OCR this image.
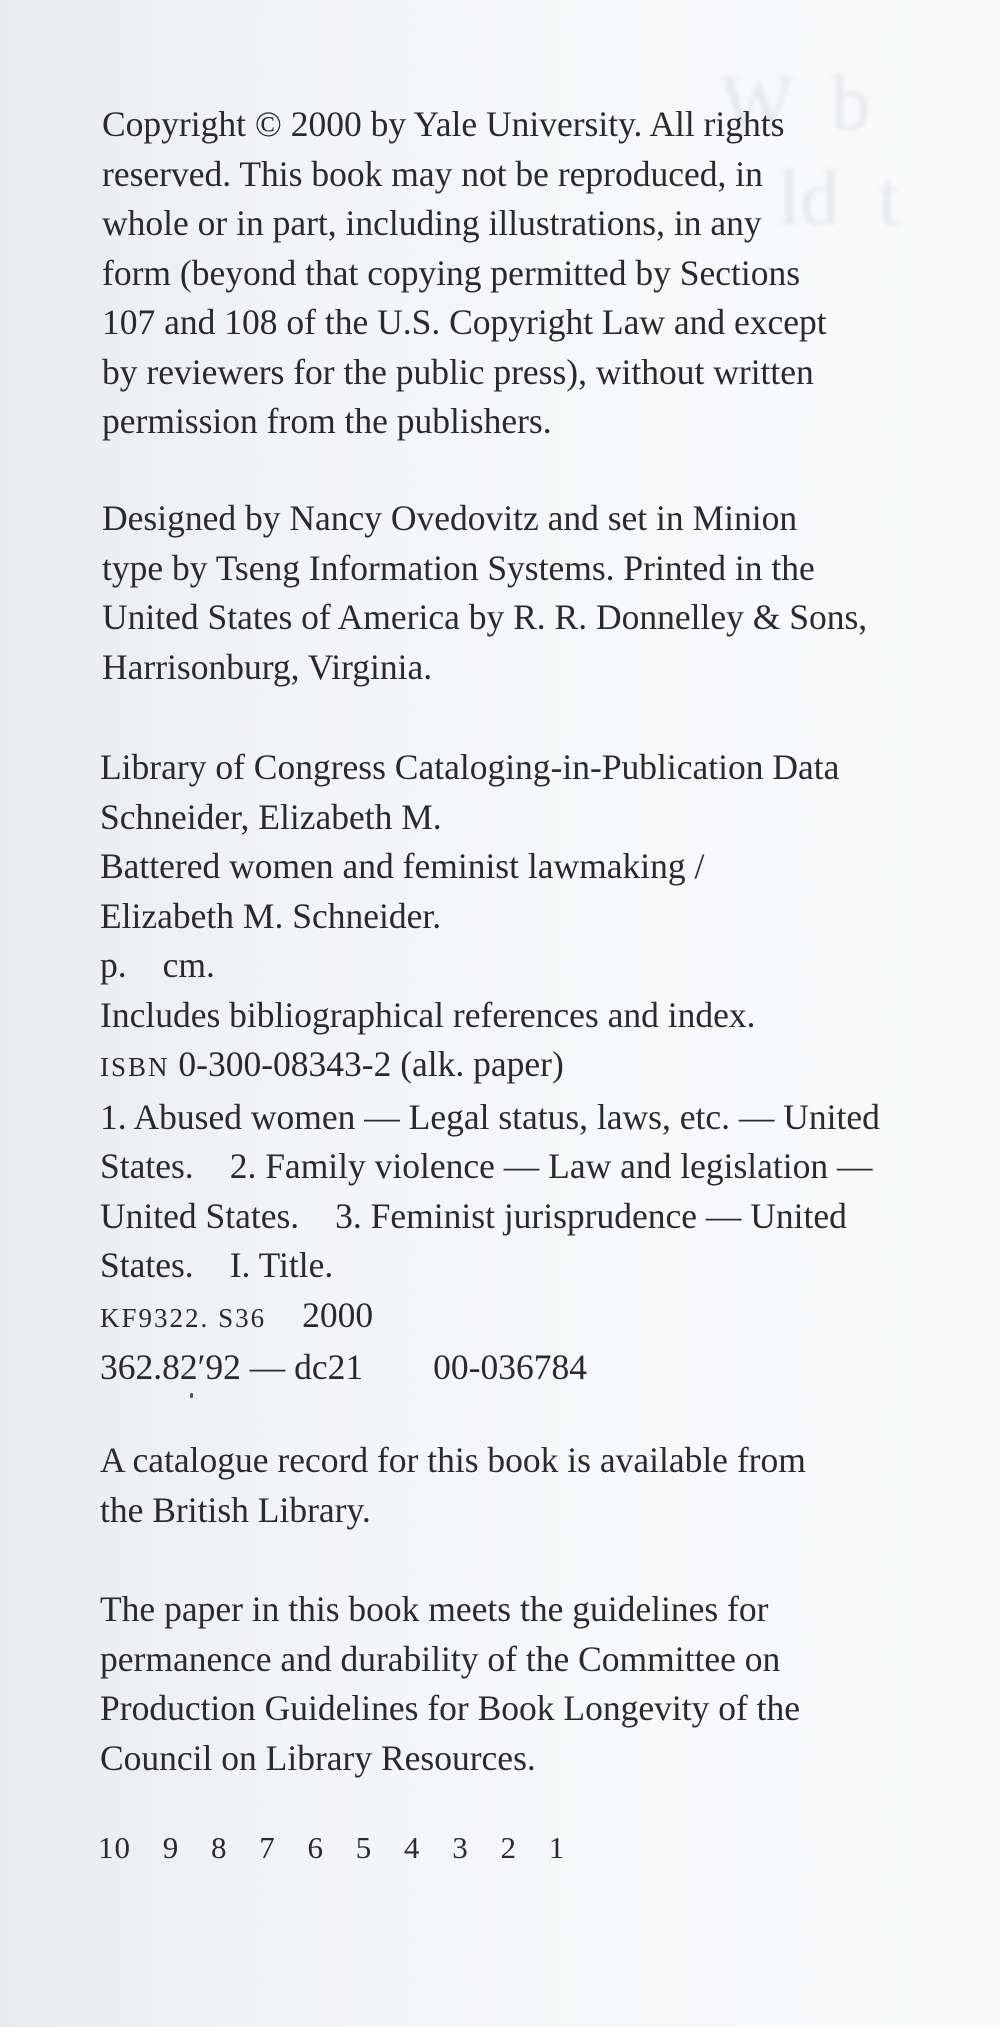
W  b
ld  t
Copyright © 2000 by Yale University. All rights
reserved. This book may not be reproduced, in
whole or in part, including illustrations, in any
form (beyond that copying permitted by Sections
107 and 108 of the U.S. Copyright Law and except
by reviewers for the public press), without written
permission from the publishers.
Designed by Nancy Ovedovitz and set in Minion
type by Tseng Information Systems. Printed in the
United States of America by R. R. Donnelley & Sons,
Harrisonburg, Virginia.
Library of Congress Cataloging-in-Publication Data
Schneider, Elizabeth M.
Battered women and feminist lawmaking /
Elizabeth M. Schneider.
p. cm.
Includes bibliographical references and index.
ISBN 0-300-08343-2 (alk. paper)
1. Abused women — Legal status, laws, etc. — United
States. 2. Family violence — Law and legislation —
United States. 3. Feminist jurisprudence — United
States. I. Title.
KF9322. S36 2000
362.82′92 — dc21 00-036784
A catalogue record for this book is available from
the British Library.
The paper in this book meets the guidelines for
permanence and durability of the Committee on
Production Guidelines for Book Longevity of the
Council on Library Resources.
10 9 8 7 6 5 4 3 2 1
